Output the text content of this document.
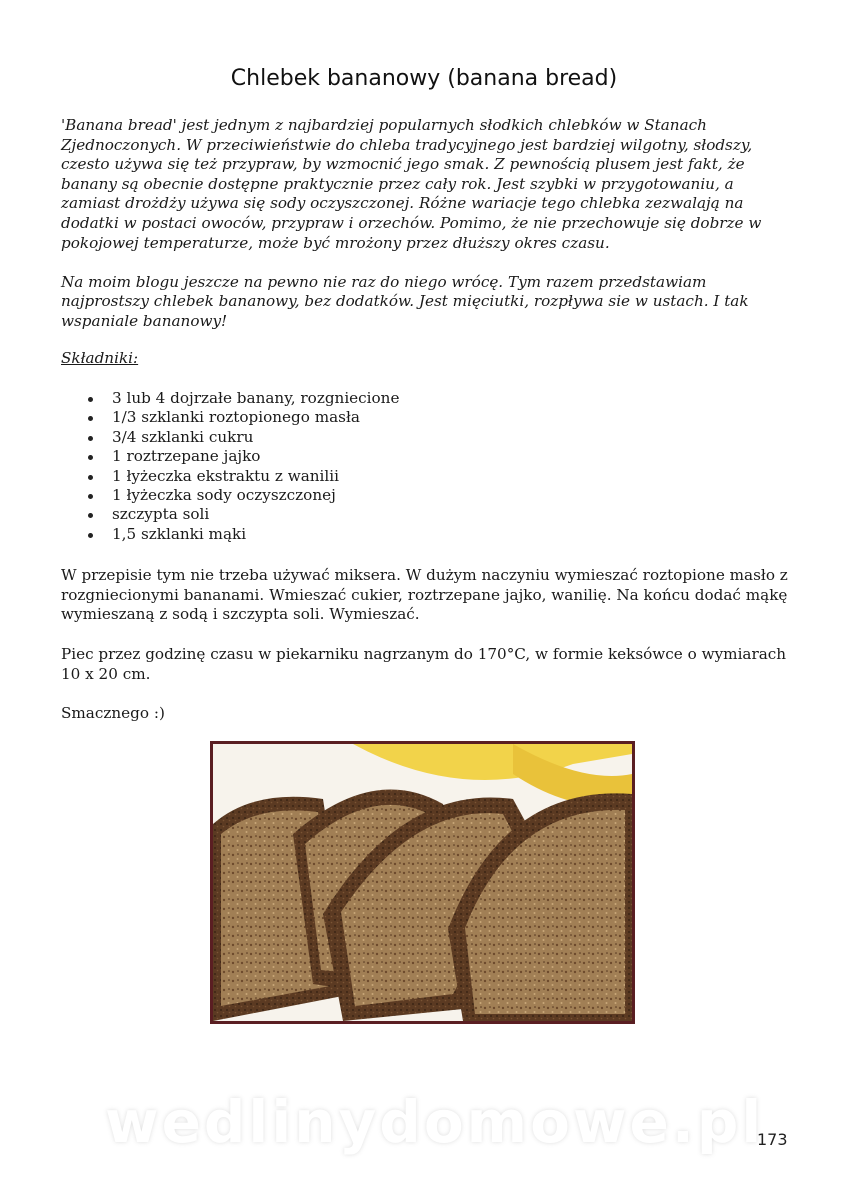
Chlebek bananowy (banana bread)

'Banana bread' jest jednym z najbardziej popularnych słodkich chlebków w Stanach Zjednoczonych. W przeciwieństwie do chleba tradycyjnego jest bardziej wilgotny, słodszy, czesto używa się też przypraw, by wzmocnić jego smak. Z pewnością plusem jest fakt, że banany są obecnie dostępne praktycznie przez cały rok. Jest szybki w przygotowaniu, a zamiast drożdży używa się sody oczyszczonej. Różne wariacje tego chlebka zezwalają na dodatki w postaci owoców, przypraw i orzechów. Pomimo, że nie przechowuje się dobrze w pokojowej temperaturze, może być mrożony przez dłuższy okres czasu.

Na moim blogu jeszcze na pewno nie raz do niego wrócę. Tym razem przedstawiam najprostszy chlebek bananowy, bez dodatków. Jest mięciutki, rozpływa sie w ustach. I tak wspaniale bananowy!

Składniki:
3 lub 4 dojrzałe banany, rozgniecione
1/3 szklanki roztopionego masła
3/4 szklanki cukru
1 roztrzepane jajko
1 łyżeczka ekstraktu z wanilii
1 łyżeczka sody oczyszczonej
szczypta soli
1,5 szklanki mąki

W przepisie tym nie trzeba używać miksera. W dużym naczyniu wymieszać roztopione masło z rozgniecionymi bananami. Wmieszać cukier, roztrzepane jajko, wanilię. Na końcu dodać mąkę wymieszaną z sodą i szczypta soli. Wymieszać.

Piec przez godzinę czasu w piekarniku nagrzanym do 170°C, w formie keksówce o wymiarach 10 x 20 cm.

Smacznego :)

wedlinydomowe.pl
173
